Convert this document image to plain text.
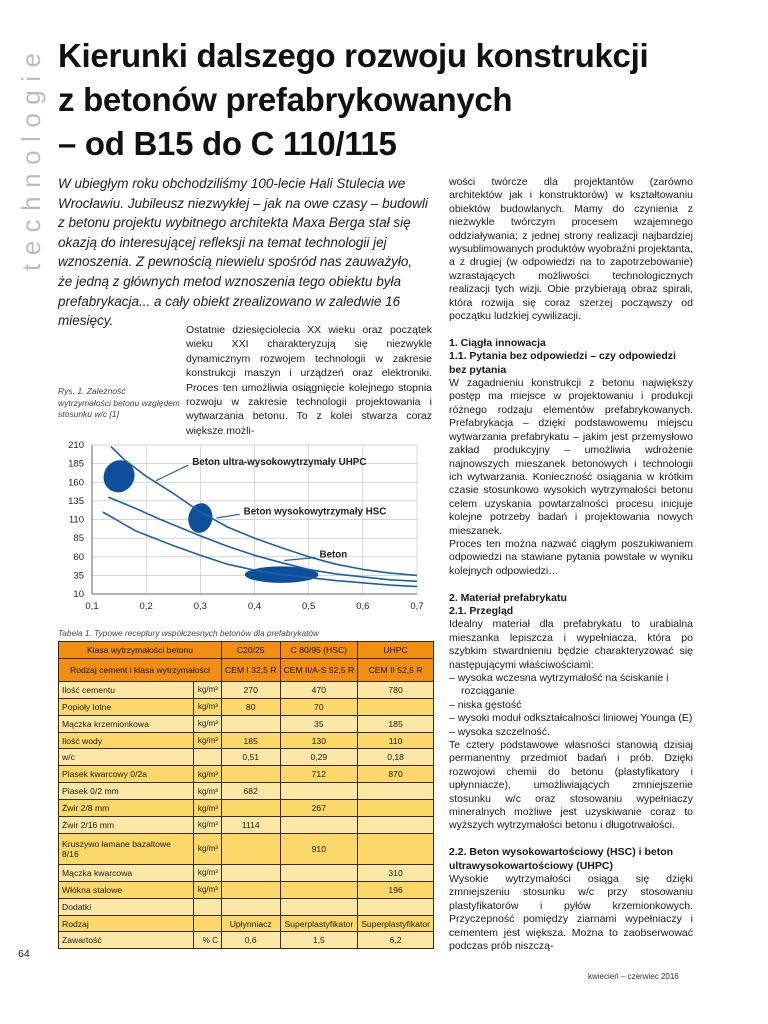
technologie Kierunki dalszego rozwoju konstrukcji
z betonów prefabrykowanych
– od B15 do C 110/115

W ubiegłym roku obchodziliśmy 100-lecie Hali Stulecia we Wrocławiu. Jubileusz niezwykłej – jak na owe czasy – budowli z betonu projektu wybitnego architekta Maxa Berga stał się okazją do interesującej refleksji na temat technologii jej wznoszenia. Z pewnością niewielu spośród nas zauważyło, że jedną z głównych metod wznoszenia tego obiektu była prefabrykacja... a cały obiekt zrealizowano w zaledwie 16 miesięcy.

Ostatnie dziesięciolecia XX wieku oraz początek wieku XXI charakteryzują się niezwykle dynamicznym rozwojem technologii w zakresie konstrukcji maszyn i urządzeń oraz elektroniki. Proces ten umożliwia osiągnięcie kolejnego stopnia rozwoju w zakresie technologii projektowania i wytwarzania betonu. To z kolei stwarza coraz większe możli-

Rys. 1. Zależność wytrzymałości betonu względem stosunku w/c [1]

10
35
60
85
110
135
160
185
210
0,1	0,2	0,3	0,4	0,5	0,6	0,7
Beton ultra-wysokowytrzymały UHPC
Beton wysokowytrzymały HSC
Beton

Tabela 1. Typowe receptury współczesnych betonów dla prefabrykatów

Klasa wytrzymałości betonu		C20/25	C 80/95 (HSC)	UHPC
Rodzaj cement i klasa wytrzymałości		CEM I 32,5 R	CEM II/A-S 52,5 R	CEM II 52,5 R
Ilość cementu	kg/m³	270	470	780
Popioły lotne	kg/m³	80	70	
Mączka krzemionkowa	kg/m³		35	185
Ilość wody	kg/m³	185	130	110
w/c		0,51	0,29	0,18
Piasek kwarcowy 0/2a	kg/m³		712	870
Piasek 0/2 mm	kg/m³	682		
Żwir 2/8 mm	kg/m³		267	
Żwir 2/16 mm	kg/m³	1114		
Kruszywo łamane bazaltowe 8/16	kg/m³		910	
Mączka kwarcowa	kg/m³			310
Włókna stalowe	kg/m³			196
Dodatki				
Rodzaj		Upłynniacz	Superplastyfikator	Superplastyfikator
Zawartość	% C	0,6	1,5	6,2

wości twórcze dla projektantów (zarówno architektów jak i konstruktorów) w kształtowaniu obiektów budowlanych. Mamy do czynienia z niezwykle twórczym procesem wzajemnego oddziaływania; z jednej strony realizacji najbardziej wysublimowanych produktów wyobraźni projektanta, a z drugiej (w odpowiedzi na to zapotrzebowanie) wzrastających możliwości technologicznych realizacji tych wizji. Obie przybierają obraz spirali, która rozwija się coraz szerzej począwszy od początku ludzkiej cywilizacji.

1. Ciągła innowacja

1.1. Pytania bez odpowiedzi – czy odpowiedzi bez pytania

W zagadnieniu konstrukcji z betonu największy postęp ma miejsce w projektowaniu i produkcji różnego rodzaju elementów prefabrykowanych. Prefabrykacja – dzięki podstawowemu miejscu wytwarzania prefabrykatu – jakim jest przemysłowo zakład produkcyjny – umożliwia wdrożenie najnowszych mieszanek betonowych i technologii ich wytwarzania. Konieczność osiągania w krótkim czasie stosunkowo wysokich wytrzymałości betonu celem uzyskania powtarzalności procesu inicjuje kolejne potrzeby badań i projektowania nowych mieszanek.

Proces ten można nazwać ciągłym poszukiwaniem odpowiedzi na stawiane pytania powstałe w wyniku kolejnych odpowiedzi…

2. Materiał prefabrykatu

2.1. Przegląd

Idealny materiał dla prefabrykatu to urabialna mieszanka lepiszcza i wypełniacza, która po szybkim stwardnieniu będzie charakteryzować się następującymi właściwościami:

– wysoka wczesna wytrzymałość na ściskanie i rozciąganie
– niska gęstość
– wysoki moduł odkształcalności liniowej Younga (E)
– wysoka szczelność.

Te cztery podstawowe własności stanowią dzisiaj permanentny przedmiot badań i prób. Dzięki rozwojowi chemii do betonu (plastyfikatory i upłynniacze), umożliwiających zmniejszenie stosunku w/c oraz stosowaniu wypełniaczy mineralnych możliwe jest uzyskiwanie coraz to wyższych wytrzymałości betonu i długotrwałości.

2.2. Beton wysokowartościowy (HSC) i beton ultrawysokowartościowy (UHPC)

Wysokie wytrzymałości osiąga się dzięki zmniejszeniu stosunku w/c przy stosowaniu plastyfikatorów i pyłów krzemionkowych. Przyczepność pomiędzy ziarnami wypełniaczy i cementem jest większa. Można to zaobserwować podczas prób niszczą-

64
kwiecień – czerwiec 2016
